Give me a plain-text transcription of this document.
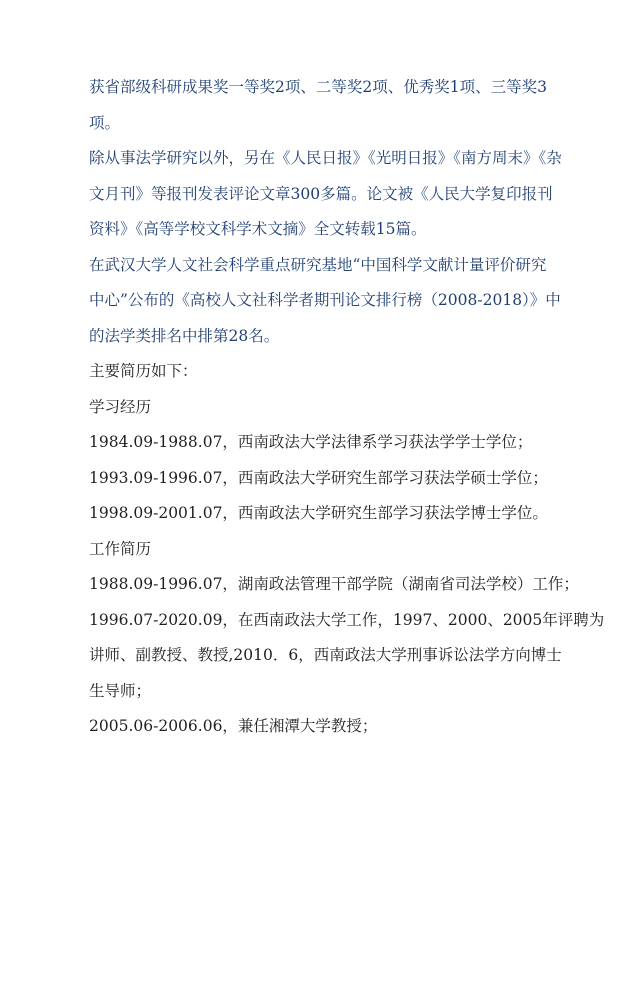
获省部级科研成果奖一等奖2项、二等奖2项、优秀奖1项、三等奖3
项。
除从事法学研究以外，另在《人民日报》《光明日报》《南方周末》《杂
文月刊》等报刊发表评论文章300多篇。论文被《人民大学复印报刊
资料》《高等学校文科学术文摘》全文转载15篇。
在武汉大学人文社会科学重点研究基地“中国科学文献计量评价研究
中心”公布的《高校人文社科学者期刊论文排行榜（2008-2018）》中
的法学类排名中排第28名。
主要简历如下：
学习经历
1984.09-1988.07，西南政法大学法律系学习获法学学士学位；
1993.09-1996.07，西南政法大学研究生部学习获法学硕士学位；
1998.09-2001.07，西南政法大学研究生部学习获法学博士学位。
工作简历
1988.09-1996.07，湖南政法管理干部学院（湖南省司法学校）工作；
1996.07-2020.09，在西南政法大学工作，1997、2000、2005年评聘为
讲师、副教授、教授,2010．6，西南政法大学刑事诉讼法学方向博士
生导师；
2005.06-2006.06，兼任湘潭大学教授；
